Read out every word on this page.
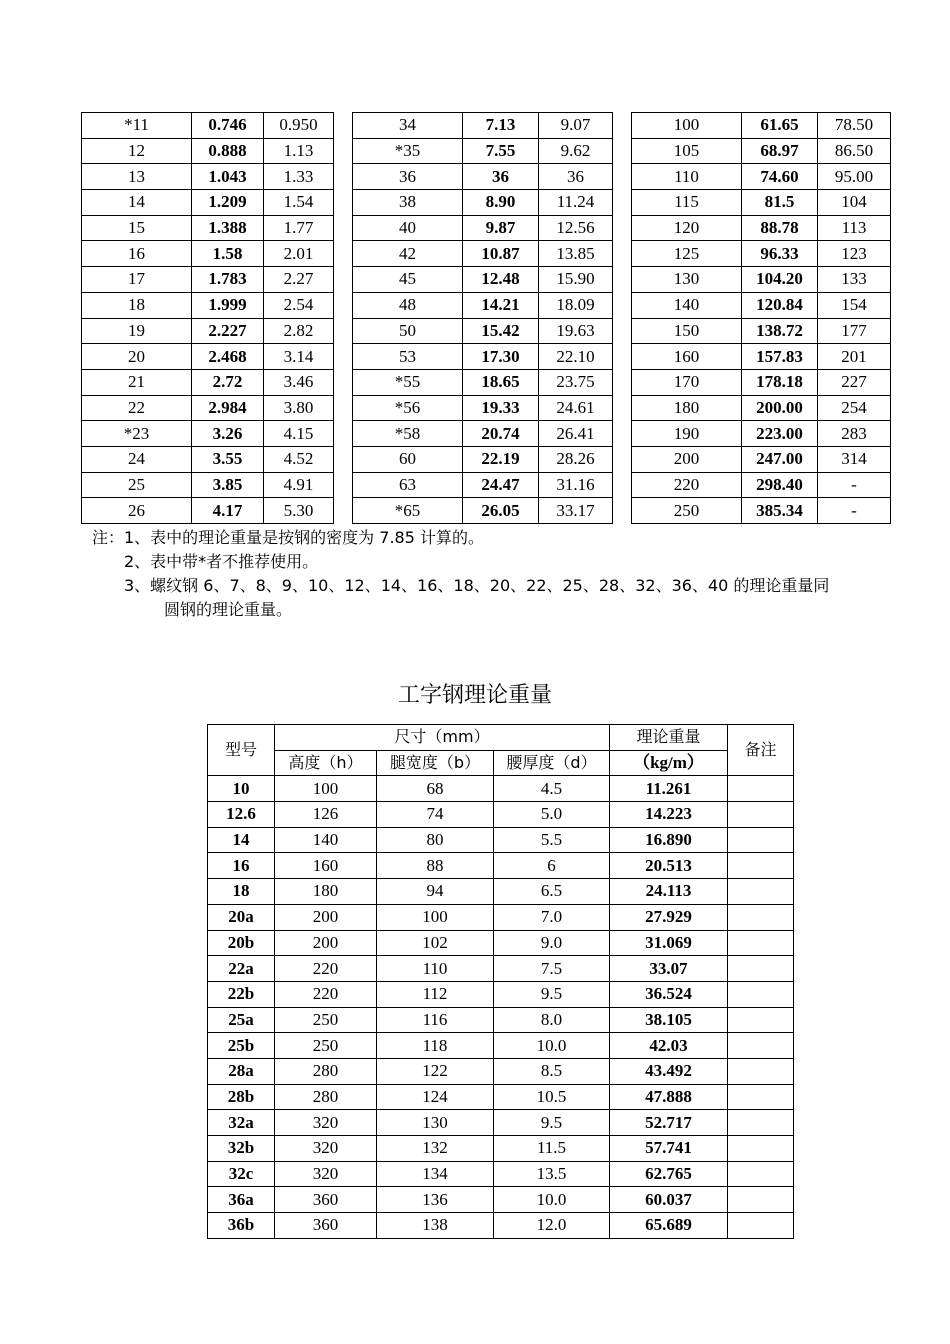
*11	0.746	0.950		34	7.13	9.07		100	61.65	78.50
12	0.888	1.13		*35	7.55	9.62		105	68.97	86.50
13	1.043	1.33		36	36	36		110	74.60	95.00
14	1.209	1.54		38	8.90	11.24		115	81.5	104
15	1.388	1.77		40	9.87	12.56		120	88.78	113
16	1.58	2.01		42	10.87	13.85		125	96.33	123
17	1.783	2.27		45	12.48	15.90		130	104.20	133
18	1.999	2.54		48	14.21	18.09		140	120.84	154
19	2.227	2.82		50	15.42	19.63		150	138.72	177
20	2.468	3.14		53	17.30	22.10		160	157.83	201
21	2.72	3.46		*55	18.65	23.75		170	178.18	227
22	2.984	3.80		*56	19.33	24.61		180	200.00	254
*23	3.26	4.15		*58	20.74	26.41		190	223.00	283
24	3.55	4.52		60	22.19	28.26		200	247.00	314
25	3.85	4.91		63	24.47	31.16		220	298.40	-
26	4.17	5.30		*65	26.05	33.17		250	385.34	-
注：1、表中的理论重量是按钢的密度为 7.85 计算的。
2、表中带*者不推荐使用。
3、螺纹钢 6、7、8、9、10、12、14、16、18、20、22、25、28、32、36、40 的理论重量同
圆钢的理论重量。
工字钢理论重量
型号	尺寸（mm）			理论重量	备注
	高度（h）	腿宽度（b）	腰厚度（d）	（kg/m）	
10	100	68	4.5	11.261	
12.6	126	74	5.0	14.223	
14	140	80	5.5	16.890	
16	160	88	6	20.513	
18	180	94	6.5	24.113	
20a	200	100	7.0	27.929	
20b	200	102	9.0	31.069	
22a	220	110	7.5	33.07	
22b	220	112	9.5	36.524	
25a	250	116	8.0	38.105	
25b	250	118	10.0	42.03	
28a	280	122	8.5	43.492	
28b	280	124	10.5	47.888	
32a	320	130	9.5	52.717	
32b	320	132	11.5	57.741	
32c	320	134	13.5	62.765	
36a	360	136	10.0	60.037	
36b	360	138	12.0	65.689	
